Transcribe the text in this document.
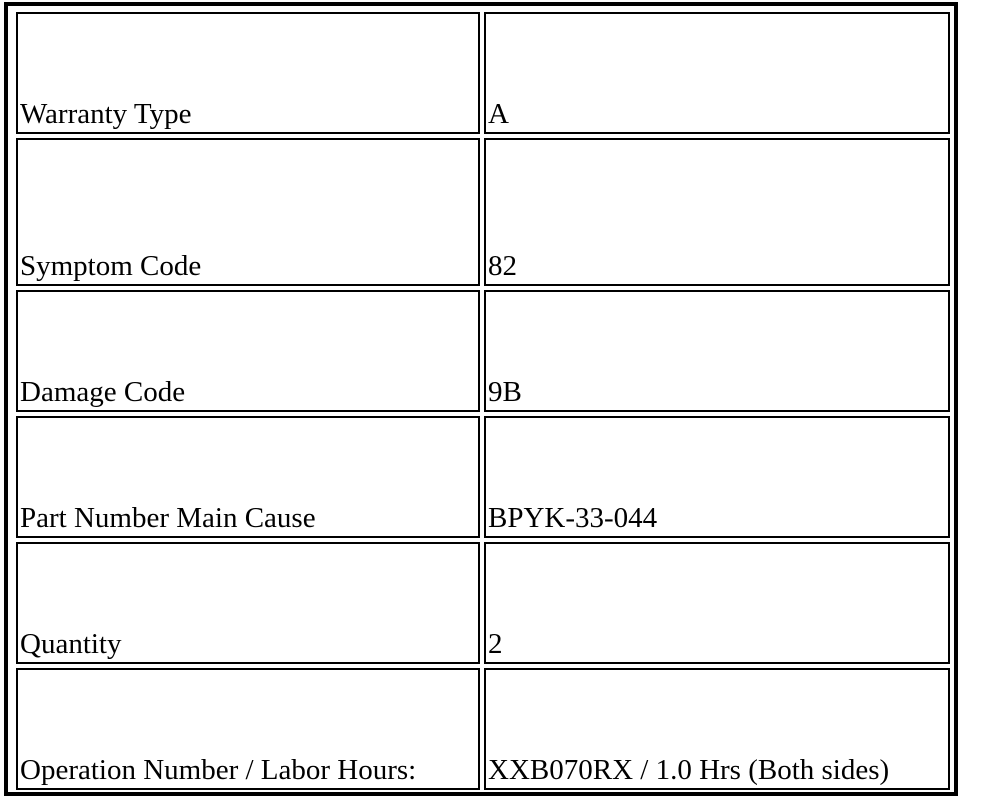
Warranty Type	A
Symptom Code	82
Damage Code	9B
Part Number Main Cause	BPYK-33-044
Quantity	2
Operation Number / Labor Hours: XXB070RX / 1.0 Hrs (Both sides)
